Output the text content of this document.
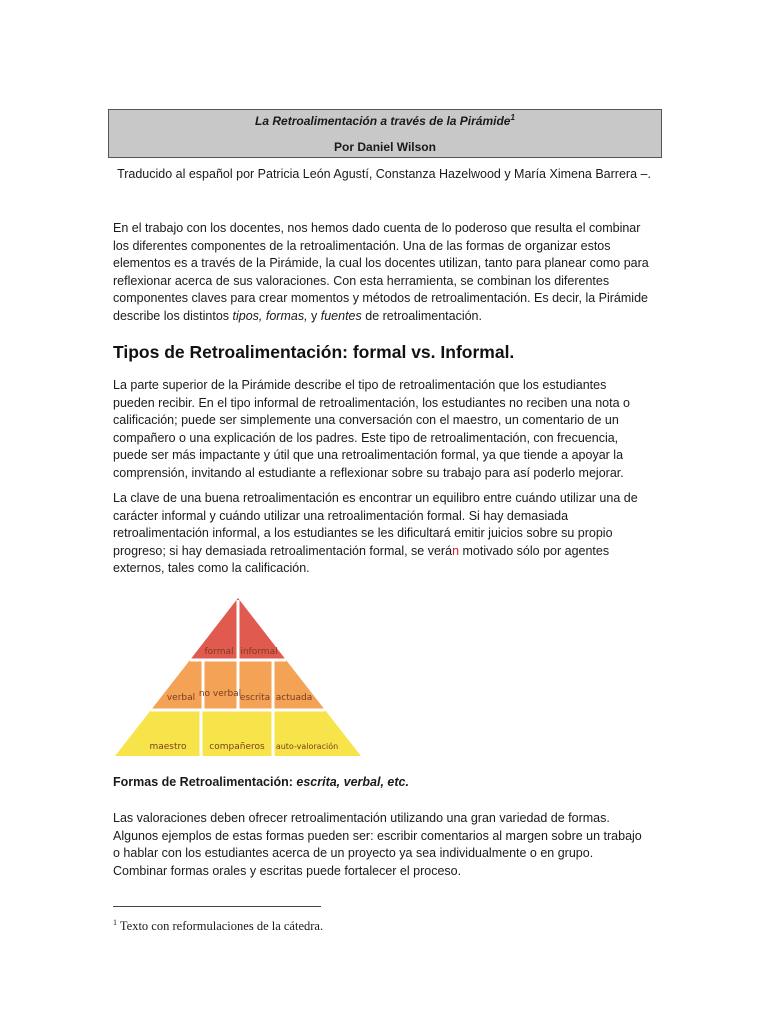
La Retroalimentación a través de la Pirámide$^1$
Por Daniel Wilson
Traducido al español por Patricia León Agustí, Constanza Hazelwood y María Ximena Barrera –.
En el trabajo con los docentes, nos hemos dado cuenta de lo poderoso que resulta el combinar
los diferentes componentes de la retroalimentación. Una de las formas de organizar estos
elementos es a través de la Pirámide, la cual los docentes utilizan, tanto para planear como para
reflexionar acerca de sus valoraciones. Con esta herramienta, se combinan los diferentes
componentes claves para crear momentos y métodos de retroalimentación. Es decir, la Pirámide
describe los distintos tipos, formas, y fuentes de retroalimentación.
Tipos de Retroalimentación: formal vs. Informal.
La parte superior de la Pirámide describe el tipo de retroalimentación que los estudiantes
pueden recibir. En el tipo informal de retroalimentación, los estudiantes no reciben una nota o
calificación; puede ser simplemente una conversación con el maestro, un comentario de un
compañero o una explicación de los padres. Este tipo de retroalimentación, con frecuencia,
puede ser más impactante y útil que una retroalimentación formal, ya que tiende a apoyar la
comprensión, invitando al estudiante a reflexionar sobre su trabajo para así poderlo mejorar.
La clave de una buena retroalimentación es encontrar un equilibro entre cuándo utilizar una de
carácter informal y cuándo utilizar una retroalimentación formal. Si hay demasiada
retroalimentación informal, a los estudiantes se les dificultará emitir juicios sobre su propio
progreso; si hay demasiada retroalimentación formal, se verán motivado sólo por agentes
externos, tales como la calificación.
formal informal
verbal no verbal
escrita actuada
maestro	compañeros auto-valoración
Formas de Retroalimentación: escrita, verbal, etc.
Las valoraciones deben ofrecer retroalimentación utilizando una gran variedad de formas.
Algunos ejemplos de estas formas pueden ser: escribir comentarios al margen sobre un trabajo
o hablar con los estudiantes acerca de un proyecto ya sea individualmente o en grupo.
Combinar formas orales y escritas puede fortalecer el proceso.
$^1$ Texto con reformulaciones de la cátedra.
